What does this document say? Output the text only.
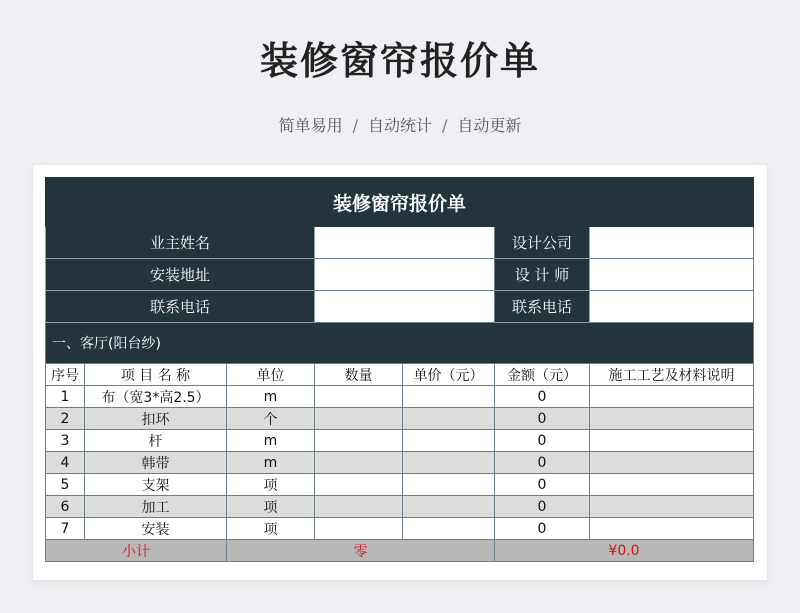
装修窗帘报价单
简单易用 / 自动统计 / 自动更新
装修窗帘报价单						
业主姓名					设计公司	
安装地址					设 计 师	
联系电话					联系电话	
一、客厅(阳台纱)						
序号	项 目 名 称	单位	数量	单价（元）	金额（元）	施工工艺及材料说明
1	布（宽3*高2.5）	m			0	
2	扣环	个			0	
3	杆	m			0	
4	韩带	m			0	
5	支架	项			0	
6	加工	项			0	
7	安装	项			0	
小计		零			¥0.0	
